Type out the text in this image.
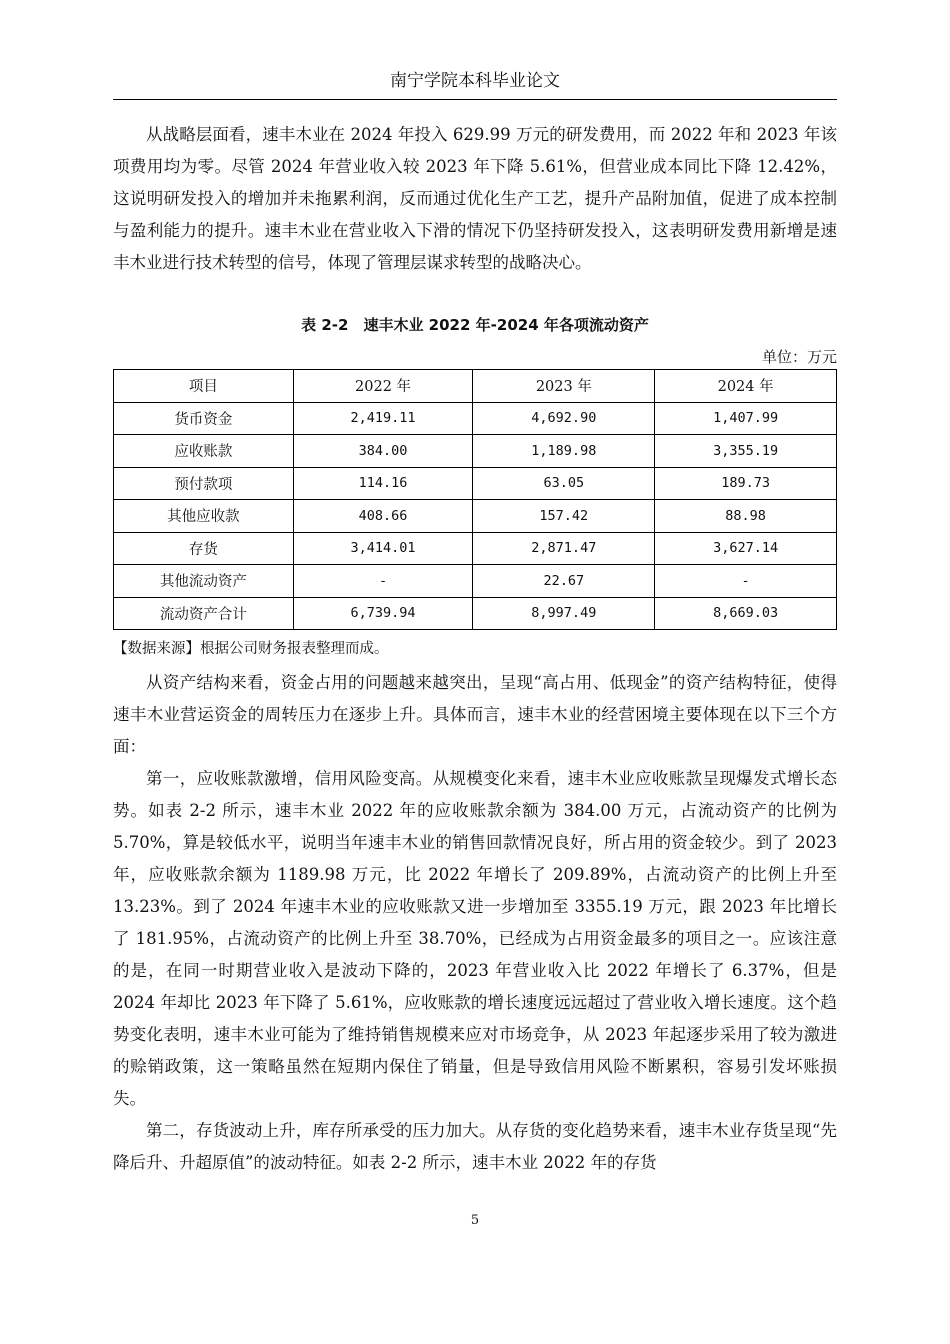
南宁学院本科毕业论文

从战略层面看，速丰木业在 2024 年投入 629.99 万元的研发费用，而 2022 年和 2023 年该项费用均为零。尽管 2024 年营业收入较 2023 年下降 5.61%，但营业成本同比下降 12.42%，这说明研发投入的增加并未拖累利润，反而通过优化生产工艺，提升产品附加值，促进了成本控制与盈利能力的提升。速丰木业在营业收入下滑的情况下仍坚持研发投入，这表明研发费用新增是速丰木业进行技术转型的信号，体现了管理层谋求转型的战略决心。

表 2-2　速丰木业 2022 年-2024 年各项流动资产
单位：万元
项目	2022 年	2023 年	2024 年
货币资金	2,419.11	4,692.90	1,407.99
应收账款	384.00	1,189.98	3,355.19
预付款项	114.16	63.05	189.73
其他应收款	408.66	157.42	88.98
存货	3,414.01	2,871.47	3,627.14
其他流动资产	-	22.67	-
流动资产合计	6,739.94	8,997.49	8,669.03
【数据来源】根据公司财务报表整理而成。

从资产结构来看，资金占用的问题越来越突出，呈现“高占用、低现金”的资产结构特征，使得速丰木业营运资金的周转压力在逐步上升。具体而言，速丰木业的经营困境主要体现在以下三个方面：

第一，应收账款激增，信用风险变高。从规模变化来看，速丰木业应收账款呈现爆发式增长态势。如表 2-2 所示，速丰木业 2022 年的应收账款余额为 384.00 万元，占流动资产的比例为 5.70%，算是较低水平，说明当年速丰木业的销售回款情况良好，所占用的资金较少。到了 2023 年，应收账款余额为 1189.98 万元，比 2022 年增长了 209.89%，占流动资产的比例上升至 13.23%。到了 2024 年速丰木业的应收账款又进一步增加至 3355.19 万元，跟 2023 年比增长了 181.95%，占流动资产的比例上升至 38.70%，已经成为占用资金最多的项目之一。应该注意的是，在同一时期营业收入是波动下降的，2023 年营业收入比 2022 年增长了 6.37%，但是 2024 年却比 2023 年下降了 5.61%，应收账款的增长速度远远超过了营业收入增长速度。这个趋势变化表明，速丰木业可能为了维持销售规模来应对市场竞争，从 2023 年起逐步采用了较为激进的赊销政策，这一策略虽然在短期内保住了销量，但是导致信用风险不断累积，容易引发坏账损失。

第二，存货波动上升，库存所承受的压力加大。从存货的变化趋势来看，速丰木业存货呈现“先降后升、升超原值”的波动特征。如表 2-2 所示，速丰木业 2022 年的存货

5
